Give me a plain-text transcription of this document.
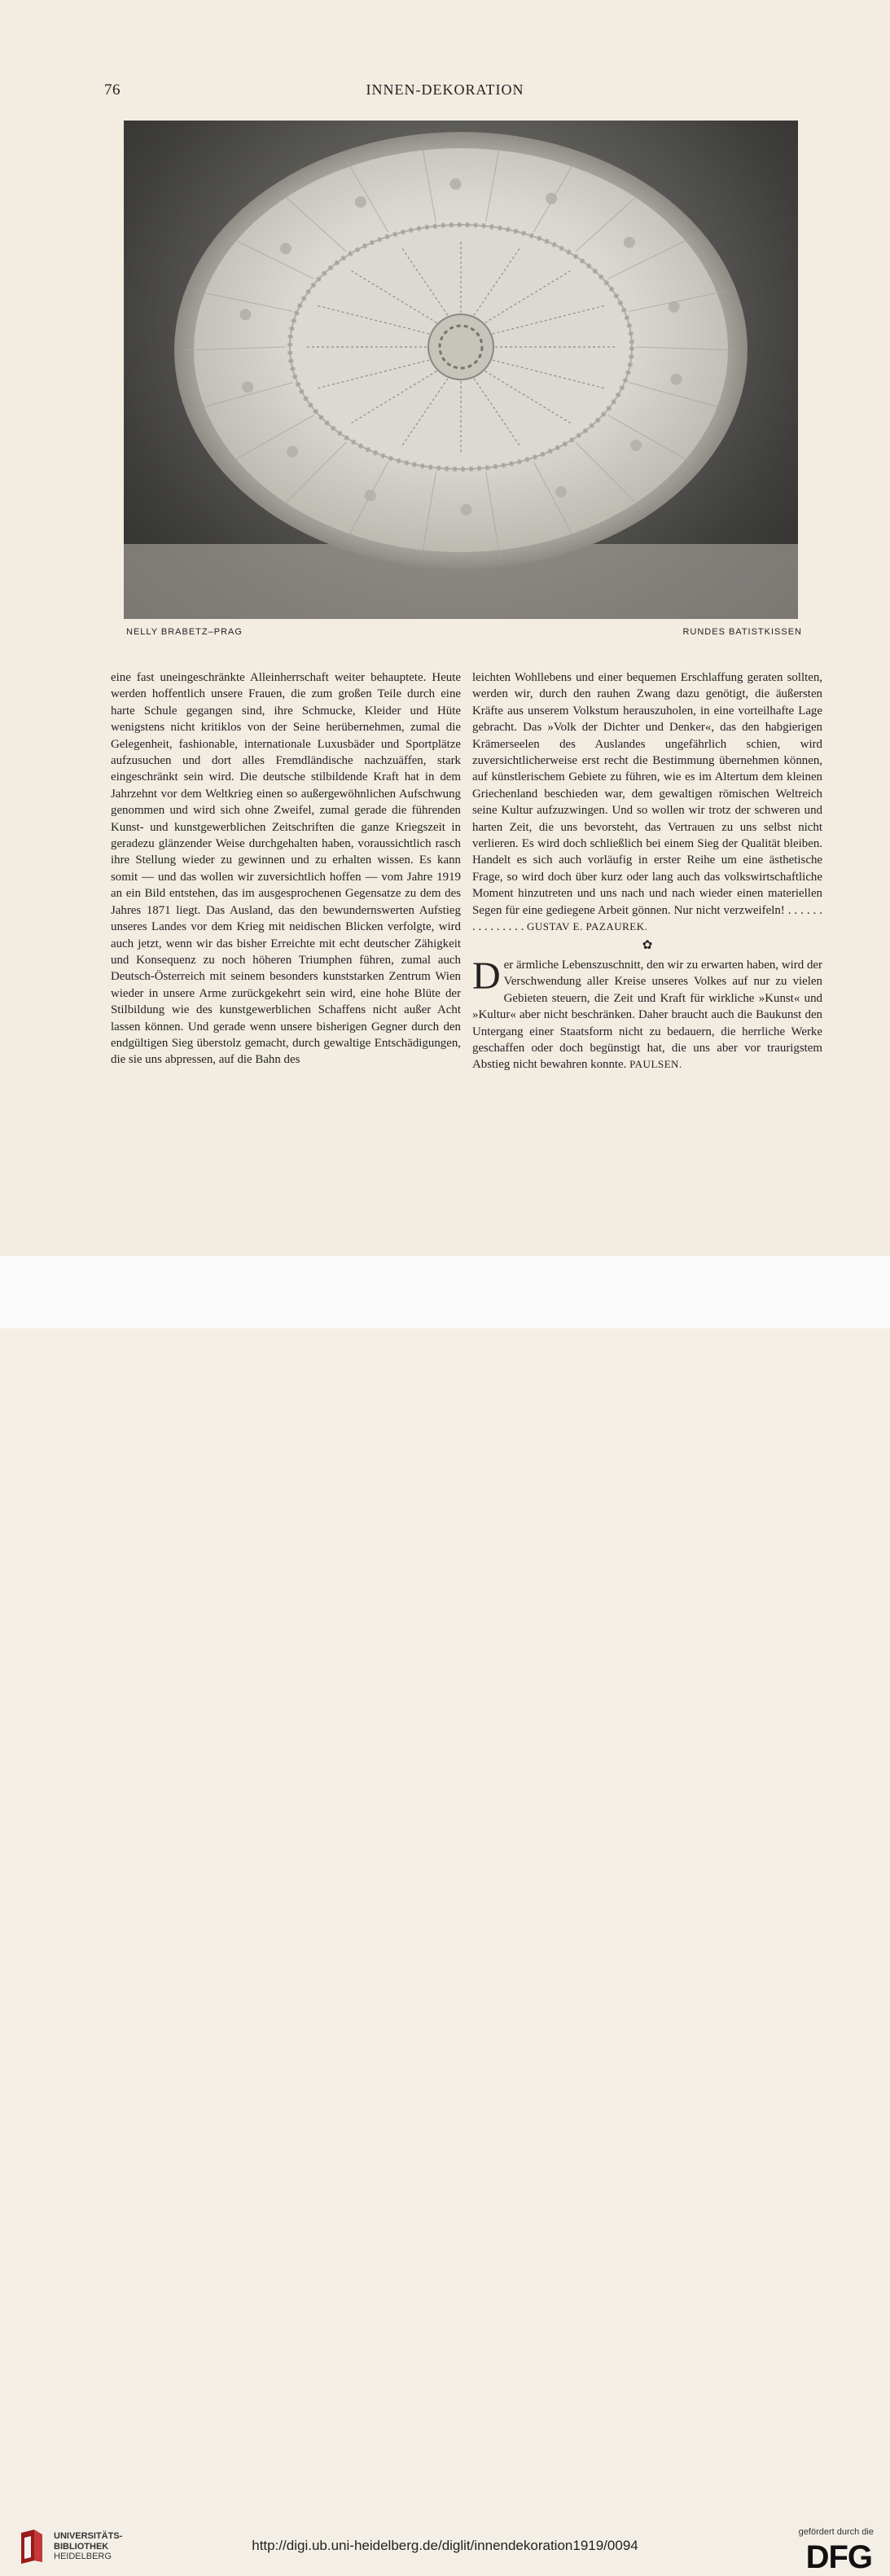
76	INNEN-DEKORATION
NELLY BRABETZ–PRAG	RUNDES BATISTKISSEN

eine fast uneingeschränkte Alleinherrschaft weiter behauptete. Heute werden hoffentlich unsere Frauen, die zum großen Teile durch eine harte Schule gegangen sind, ihre Schmucke, Kleider und Hüte wenigstens nicht kritiklos von der Seine herübernehmen, zumal die Gelegenheit, fashionable, internationale Luxusbäder und Sportplätze aufzusuchen und dort alles Fremdländische nachzuäffen, stark eingeschränkt sein wird. Die deutsche stilbildende Kraft hat in dem Jahrzehnt vor dem Weltkrieg einen so außergewöhnlichen Aufschwung genommen und wird sich ohne Zweifel, zumal gerade die führenden Kunst- und kunstgewerblichen Zeitschriften die ganze Kriegszeit in geradezu glänzender Weise durchgehalten haben, voraussichtlich rasch ihre Stellung wieder zu gewinnen und zu erhalten wissen. Es kann somit — und das wollen wir zuversichtlich hoffen — vom Jahre 1919 an ein Bild entstehen, das im ausgesprochenen Gegensatze zu dem des Jahres 1871 liegt. Das Ausland, das den bewundernswerten Aufstieg unseres Landes vor dem Krieg mit neidischen Blicken verfolgte, wird auch jetzt, wenn wir das bisher Erreichte mit echt deutscher Zähigkeit und Konsequenz zu noch höheren Triumphen führen, zumal auch Deutsch-Österreich mit seinem besonders kunststarken Zentrum Wien wieder in unsere Arme zurückgekehrt sein wird, eine hohe Blüte der Stilbildung wie des kunstgewerblichen Schaffens nicht außer Acht lassen können. Und gerade wenn unsere bisherigen Gegner durch den endgültigen Sieg überstolz gemacht, durch gewaltige Entschädigungen, die sie uns abpressen, auf die Bahn des

leichten Wohllebens und einer bequemen Erschlaffung geraten sollten, werden wir, durch den rauhen Zwang dazu genötigt, die äußersten Kräfte aus unserem Volkstum herauszuholen, in eine vorteilhafte Lage gebracht. Das »Volk der Dichter und Denker«, das den habgierigen Krämerseelen des Auslandes ungefährlich schien, wird zuversichtlicherweise erst recht die Bestimmung übernehmen können, auf künstlerischem Gebiete zu führen, wie es im Altertum dem kleinen Griechenland beschieden war, dem gewaltigen römischen Weltreich seine Kultur aufzuzwingen. Und so wollen wir trotz der schweren und harten Zeit, die uns bevorsteht, das Vertrauen zu uns selbst nicht verlieren. Es wird doch schließlich bei einem Sieg der Qualität bleiben. Handelt es sich auch vorläufig in erster Reihe um eine ästhetische Frage, so wird doch über kurz oder lang auch das volkswirtschaftliche Moment hinzutreten und uns nach und nach wieder einen materiellen Segen für eine gediegene Arbeit gönnen. Nur nicht verzweifeln! . . . . . . . . . . . . . . . GUSTAV E. PAZAUREK.

✿

D er ärmliche Lebenszuschnitt, den wir zu erwarten haben, wird der Verschwendung aller Kreise unseres Volkes auf nur zu vielen Gebieten steuern, die Zeit und Kraft für wirkliche »Kunst« und »Kultur« aber nicht beschränken. Daher braucht auch die Baukunst den Untergang einer Staatsform nicht zu bedauern, die herrliche Werke geschaffen oder doch begünstigt hat, die uns aber vor traurigstem Abstieg nicht bewahren konnte. PAULSEN.

UNIVERSITÄTS-
BIBLIOTHEK
HEIDELBERG
http://digi.ub.uni-heidelberg.de/diglit/innendekoration1919/0094
gefördert durch die
DFG
